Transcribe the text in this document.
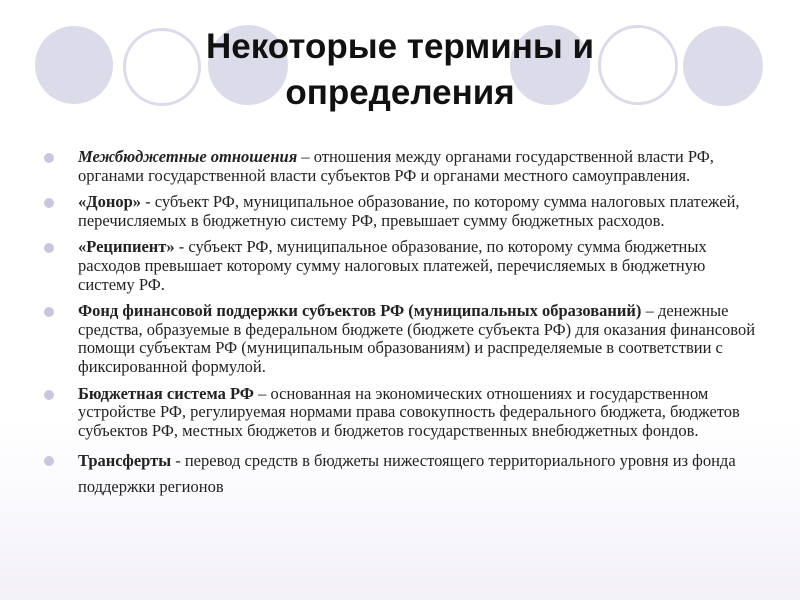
Некоторые термины и
определения
Межбюджетные отношения – отношения между органами государственной власти РФ, органами государственной власти субъектов РФ и органами местного самоуправления.
«Донор» - субъект РФ, муниципальное образование, по которому сумма налоговых платежей, перечисляемых в бюджетную систему РФ, превышает сумму бюджетных расходов.
«Реципиент» - субъект РФ, муниципальное образование, по которому сумма бюджетных расходов превышает которому сумму налоговых платежей, перечисляемых в бюджетную систему РФ.
Фонд финансовой поддержки субъектов РФ (муниципальных образований) – денежные средства, образуемые в федеральном бюджете (бюджете субъекта РФ) для оказания финансовой помощи субъектам РФ (муниципальным образованиям) и распределяемые в соответствии с фиксированной формулой.
Бюджетная система РФ – основанная на экономических отношениях и государственном устройстве РФ, регулируемая нормами права совокупность федерального бюджета, бюджетов субъектов РФ, местных бюджетов и бюджетов государственных внебюджетных фондов.
Трансферты - перевод средств в бюджеты нижестоящего территориального уровня из фонда поддержки регионов
